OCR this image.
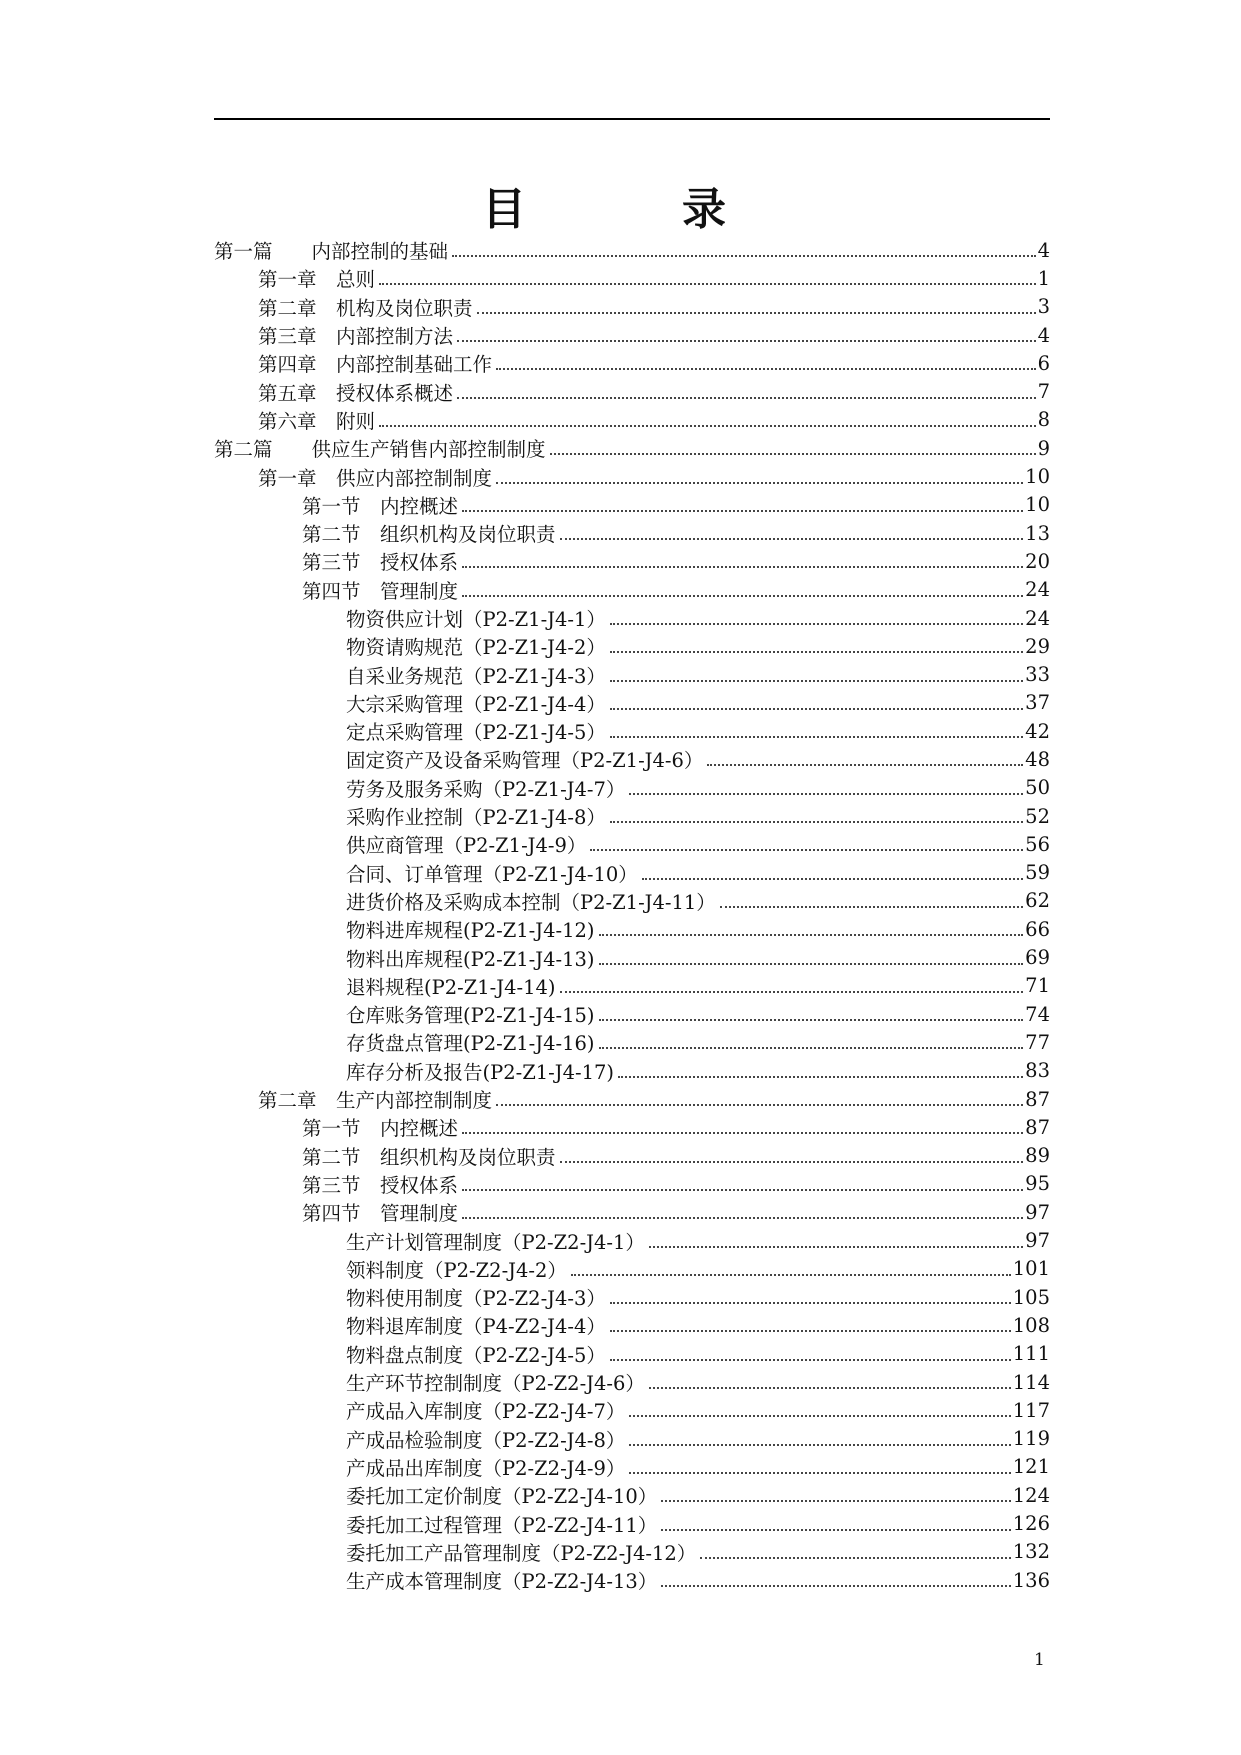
目　录
第一篇　　内部控制的基础	4
第一章　总则	1
第二章　机构及岗位职责	3
第三章　内部控制方法	4
第四章　内部控制基础工作	6
第五章　授权体系概述	7
第六章　附则	8
第二篇　　供应生产销售内部控制制度	9
第一章　供应内部控制制度	10
第一节　内控概述	10
第二节　组织机构及岗位职责	13
第三节　授权体系	20
第四节　管理制度	24
物资供应计划（P2-Z1-J4-1）	24
物资请购规范（P2-Z1-J4-2）	29
自采业务规范（P2-Z1-J4-3）	33
大宗采购管理（P2-Z1-J4-4）	37
定点采购管理（P2-Z1-J4-5）	42
固定资产及设备采购管理（P2-Z1-J4-6）	48
劳务及服务采购（P2-Z1-J4-7）	50
采购作业控制（P2-Z1-J4-8）	52
供应商管理（P2-Z1-J4-9）	56
合同、订单管理（P2-Z1-J4-10）	59
进货价格及采购成本控制（P2-Z1-J4-11）	62
物料进库规程(P2-Z1-J4-12)	66
物料出库规程(P2-Z1-J4-13)	69
退料规程(P2-Z1-J4-14)	71
仓库账务管理(P2-Z1-J4-15)	74
存货盘点管理(P2-Z1-J4-16)	77
库存分析及报告(P2-Z1-J4-17)	83
第二章　生产内部控制制度	87
第一节　内控概述	87
第二节　组织机构及岗位职责	89
第三节　授权体系	95
第四节　管理制度	97
生产计划管理制度（P2-Z2-J4-1）	97
领料制度（P2-Z2-J4-2）	101
物料使用制度（P2-Z2-J4-3）	105
物料退库制度（P4-Z2-J4-4）	108
物料盘点制度（P2-Z2-J4-5）	111
生产环节控制制度（P2-Z2-J4-6）	114
产成品入库制度（P2-Z2-J4-7）	117
产成品检验制度（P2-Z2-J4-8）	119
产成品出库制度（P2-Z2-J4-9）	121
委托加工定价制度（P2-Z2-J4-10）	124
委托加工过程管理（P2-Z2-J4-11）	126
委托加工产品管理制度（P2-Z2-J4-12）	132
生产成本管理制度（P2-Z2-J4-13）	136
1
